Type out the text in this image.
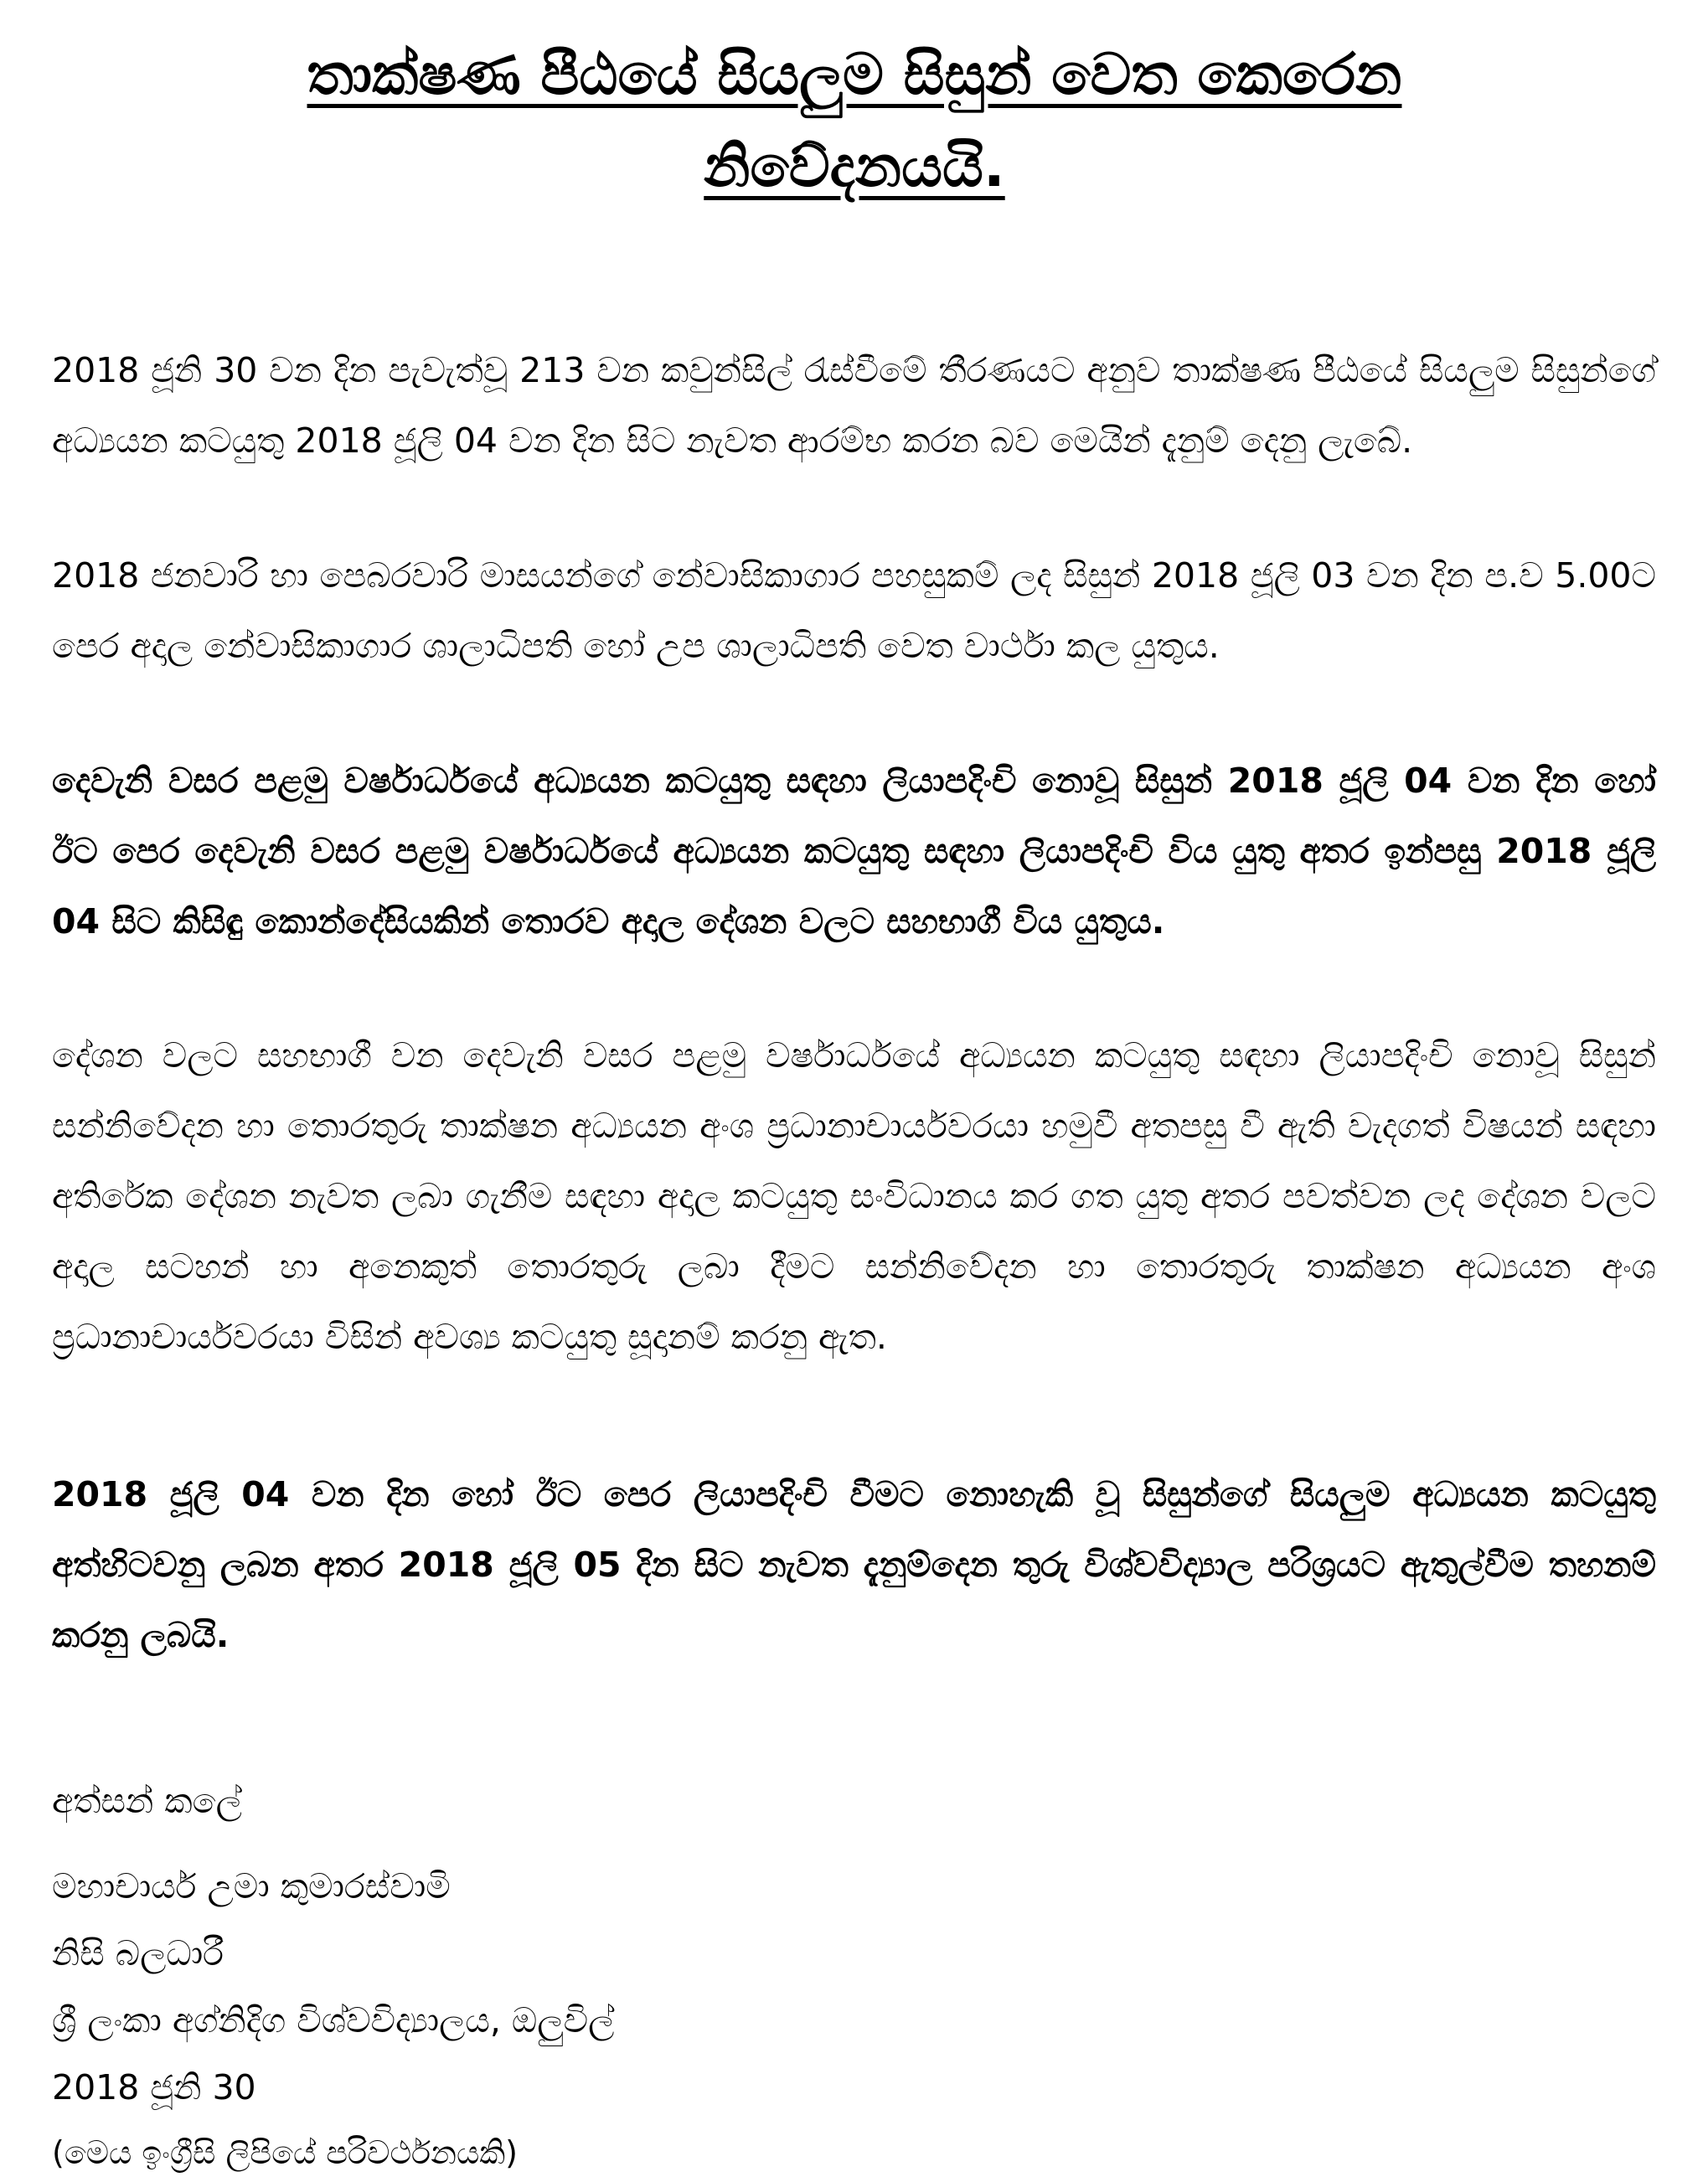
තාක්ෂණ පීඨයේ සියලුම සිසුන් වෙත කෙරෙන
නිවේදනයයි.

2018 ජූනි 30 වන දින පැවැත්වූ 213 වන කවුන්සිල් රැස්වීමේ තීරණයට අනුව තාක්ෂණ පීඨයේ සියලුම සිසුන්ගේ අධ්‍යයන කටයුතු 2018 ජූලි 04 වන දින සිට නැවත ආරම්භ කරන බව මෙයින් දැනුම් දෙනු ලැබේ.

2018 ජනවාරි හා පෙබරවාරි මාසයන්ගේ නේවාසිකාගාර පහසුකම් ලද සිසුන් 2018 ජූලි 03 වන දින ප.ව 5.00ට පෙර අදාල නේවාසිකාගාර ශාලාධිපති හෝ උප ශාලාධිපති වෙත වාර්ථා කල යුතුය.

දෙවැනි වසර පළමු වර්ෂාර්ධයේ අධ්‍යයන කටයුතු සඳහා ලියාපදිංචි නොවූ සිසුන් 2018 ජූලි 04 වන දින හෝ ඊට පෙර දෙවැනි වසර පළමු වර්ෂාර්ධයේ අධ්‍යයන කටයුතු සඳහා ලියාපදිංචි විය යුතු අතර ඉන්පසු 2018 ජූලි 04 සිට කිසිඳු කොන්දේසියකින් තොරව අදාල දේශන වලට සහභාගී විය යුතුය.

දේශන වලට සහභාගී වන දෙවැනි වසර පළමු වර්ෂාර්ධයේ අධ්‍යයන කටයුතු සඳහා ලියාපදිංචි නොවූ සිසුන් සන්නිවේදන හා තොරතුරු තාක්ෂන අධ්‍යයන අංශ ප්‍රධානාචාර්යවරයා හමුවී අතපසු වී ඇති වැදගත් විෂයන් සඳහා අතිරේක දේශන නැවත ලබා ගැනීම සඳහා අදාල කටයුතු සංවිධානය කර ගත යුතු අතර පවත්වන ලද දේශන වලට අදාල සටහන් හා අනෙකුත් තොරතුරු ලබා දීමට සන්නිවේදන හා තොරතුරු තාක්ෂන අධ්‍යයන අංශ ප්‍රධානාචාර්යවරයා විසින් අවශ්‍ය කටයුතු සූදානම් කරනු ඇත.

2018 ජූලි 04 වන දින හෝ ඊට පෙර ලියාපදිංචි වීමට නොහැකි වූ සිසුන්ගේ සියලුම අධ්‍යයන කටයුතු අත්හිටවනු ලබන අතර 2018 ජූලි 05 දින සිට නැවත දැනුම්දෙන තුරු විශ්වවිද්‍යාල පරිශ්‍රයට ඇතුල්වීම තහනම් කරනු ලබයි.

අත්සන් කලේ

මහාචාර්ය උමා කුමාරස්වාමි

නිසි බලධාරී

ශ්‍රී ලංකා අග්නිදිග විශ්වවිද්‍යාලය, ඔලුවිල්

2018 ජූනි 30

(මෙය ඉංග්‍රීසි ලිපියේ පරිවර්ථනයකි)
